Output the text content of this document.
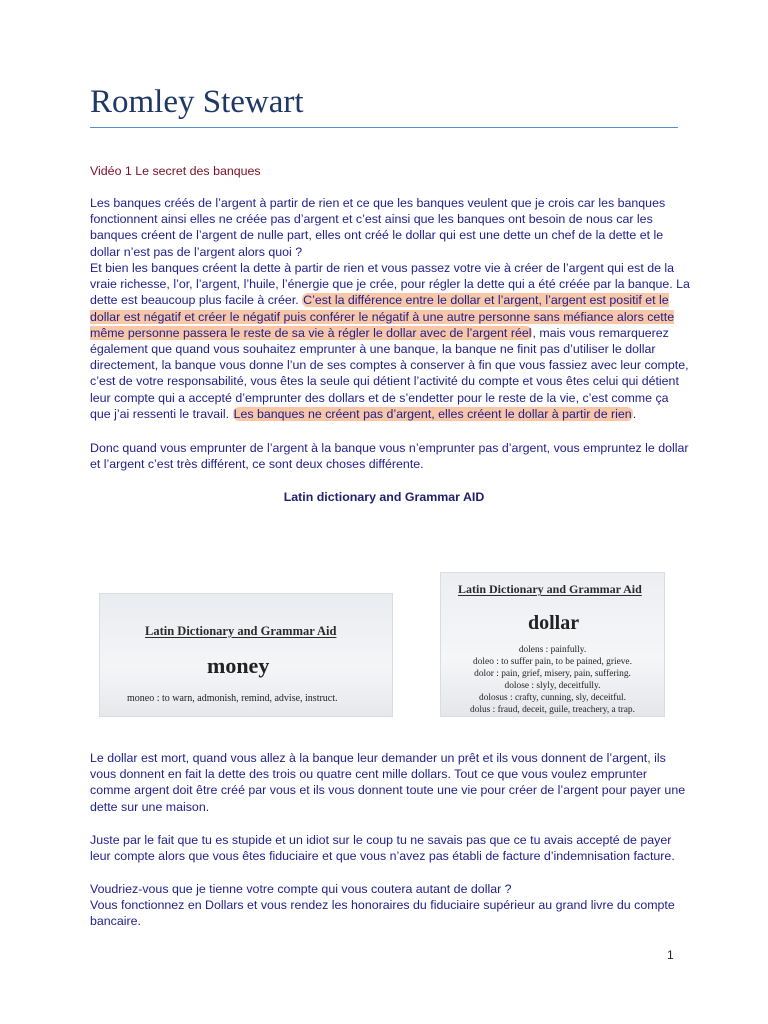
Romley Stewart

Vidéo 1 Le secret des banques

Les banques créés de l’argent à partir de rien et ce que les banques veulent que je crois car les banques fonctionnent ainsi elles ne créée pas d’argent et c’est ainsi que les banques ont besoin de nous car les banques créent de l’argent de nulle part, elles ont créé le dollar qui est une dette un chef de la dette et le dollar n’est pas de l’argent alors quoi ?

Et bien les banques créent la dette à partir de rien et vous passez votre vie à créer de l’argent qui est de la vraie richesse, l’or, l’argent, l’huile, l’énergie que je crée, pour régler la dette qui a été créée par la banque. La dette est beaucoup plus facile à créer. C’est la différence entre le dollar et l’argent, l’argent est positif et le dollar est négatif et créer le négatif puis conférer le négatif à une autre personne sans méfiance alors cette même personne passera le reste de sa vie à régler le dollar avec de l’argent réel, mais vous remarquerez également que quand vous souhaitez emprunter à une banque, la banque ne finit pas d’utiliser le dollar directement, la banque vous donne l’un de ses comptes à conserver à fin que vous fassiez avec leur compte, c’est de votre responsabilité, vous êtes la seule qui détient l’activité du compte et vous êtes celui qui détient leur compte qui a accepté d’emprunter des dollars et de s’endetter pour le reste de la vie, c’est comme ça que j’ai ressenti le travail. Les banques ne créent pas d’argent, elles créent le dollar à partir de rien.

Donc quand vous emprunter de l’argent à la banque vous n’emprunter pas d’argent, vous empruntez le dollar et l’argent c’est très différent, ce sont deux choses différente.

Latin dictionary and Grammar AID

Latin Dictionary and Grammar Aid
money
moneo : to warn, admonish, remind, advise, instruct.
Latin Dictionary and Grammar Aid
dollar
dolens : painfully.
doleo : to suffer pain, to be pained, grieve.
dolor : pain, grief, misery, pain, suffering.
dolose : slyly, deceitfully.
dolosus : crafty, cunning, sly, deceitful.
dolus : fraud, deceit, guile, treachery, a trap.

Le dollar est mort, quand vous allez à la banque leur demander un prêt et ils vous donnent de l’argent, ils vous donnent en fait la dette des trois ou quatre cent mille dollars. Tout ce que vous voulez emprunter comme argent doit être créé par vous et ils vous donnent toute une vie pour créer de l’argent pour payer une dette sur une maison.

Juste par le fait que tu es stupide et un idiot sur le coup tu ne savais pas que ce tu avais accepté de payer leur compte alors que vous êtes fiduciaire et que vous n’avez pas établi de facture d’indemnisation facture.

Voudriez-vous que je tienne votre compte qui vous coutera autant de dollar ?

Vous fonctionnez en Dollars et vous rendez les honoraires du fiduciaire supérieur au grand livre du compte bancaire.

1
